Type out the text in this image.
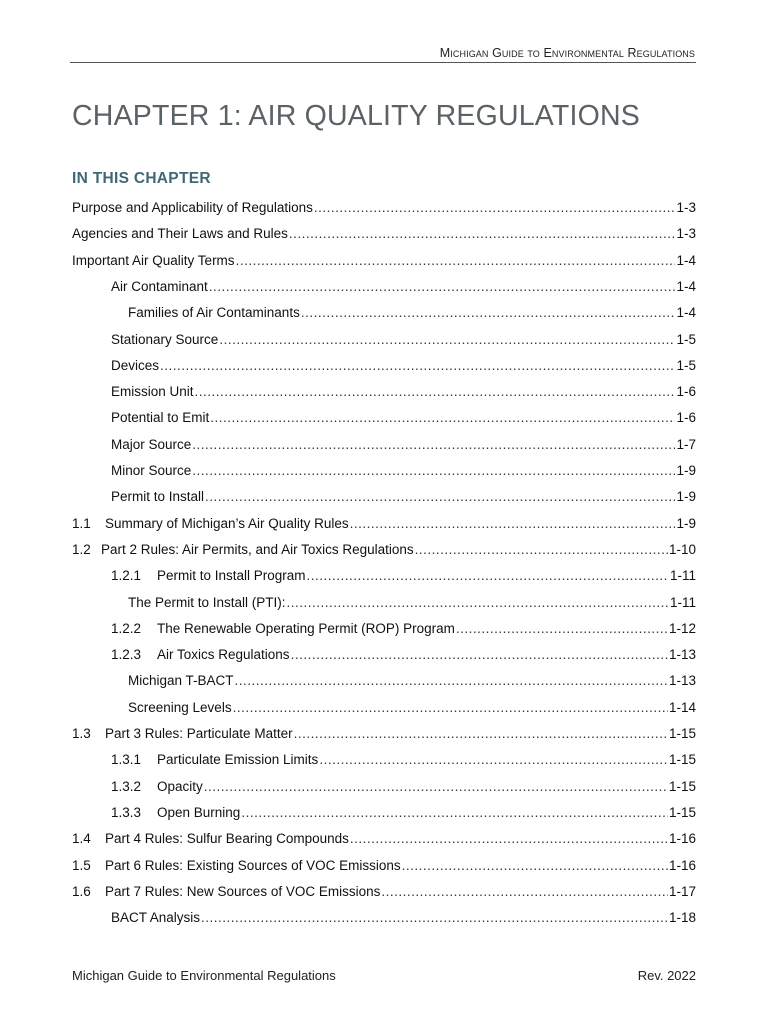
Michigan Guide to Environmental Regulations
CHAPTER 1: AIR QUALITY REGULATIONS
IN THIS CHAPTER
Purpose and Applicability of Regulations .....	1-3
Agencies and Their Laws and Rules .....	1-3
Important Air Quality Terms .....	1-4
Air Contaminant .....	1-4
Families of Air Contaminants .....	1-4
Stationary Source .....	1-5
Devices .....	1-5
Emission Unit .....	1-6
Potential to Emit .....	1-6
Major Source .....	1-7
Minor Source .....	1-9
Permit to Install .....	1-9
1.1	Summary of Michigan’s Air Quality Rules .....	1-9
1.2 Part 2 Rules: Air Permits, and Air Toxics Regulations .....	1-10
1.2.1	Permit to Install Program .....	1-11
The Permit to Install (PTI): .....	1-11
1.2.2	The Renewable Operating Permit (ROP) Program .....	1-12
1.2.3	Air Toxics Regulations .....	1-13
Michigan T-BACT .....	1-13
Screening Levels .....	1-14
1.3	Part 3 Rules: Particulate Matter .....	1-15
1.3.1	Particulate Emission Limits .....	1-15
1.3.2	Opacity .....	1-15
1.3.3	Open Burning .....	1-15
1.4	Part 4 Rules: Sulfur Bearing Compounds .....	1-16
1.5	Part 6 Rules: Existing Sources of VOC Emissions .....	1-16
1.6	Part 7 Rules: New Sources of VOC Emissions .....	1-17
BACT Analysis .....	1-18
Michigan Guide to Environmental Regulations	Rev. 2022
